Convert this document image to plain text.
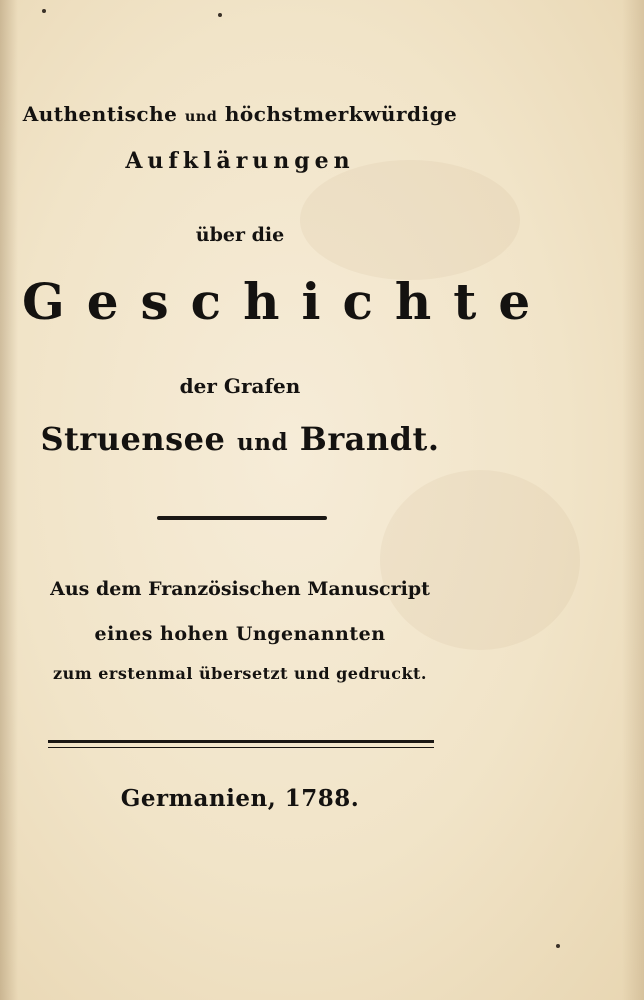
Authentische und höchstmerkwürdige
Aufklärungen
über die
Geschichte
der Grafen
Struensee und Brandt.
Aus dem Französischen Manuscript
eines hohen Ungenannten
zum erstenmal übersetzt und gedruckt.
Germanien, 1788.
